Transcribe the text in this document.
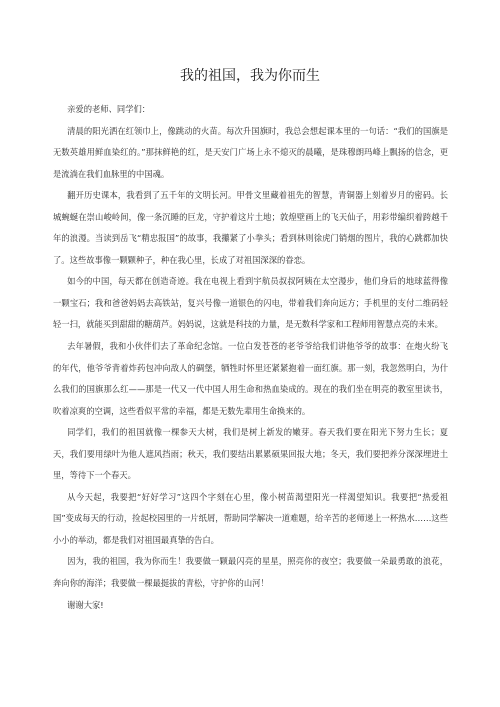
我的祖国，我为你而生

亲爱的老师、同学们：

清晨的阳光洒在红领巾上，像跳动的火苗。每次升国旗时，我总会想起课本里的一句话：“我们的国旗是无数英雄用鲜血染红的。”那抹鲜艳的红，是天安门广场上永不熄灭的晨曦，是珠穆朗玛峰上飘扬的信念，更是流淌在我们血脉里的中国魂。

翻开历史课本，我看到了五千年的文明长河。甲骨文里藏着祖先的智慧，青铜器上刻着岁月的密码。长城蜿蜒在崇山峻岭间，像一条沉睡的巨龙，守护着这片土地；敦煌壁画上的飞天仙子，用彩带编织着跨越千年的浪漫。当读到岳飞“精忠报国”的故事，我攥紧了小拳头；看到林则徐虎门销烟的图片，我的心跳都加快了。这些故事像一颗颗种子，种在我心里，长成了对祖国深深的眷恋。

如今的中国，每天都在创造奇迹。我在电视上看到宇航员叔叔阿姨在太空漫步，他们身后的地球蓝得像一颗宝石；我和爸爸妈妈去高铁站，复兴号像一道银色的闪电，带着我们奔向远方；手机里的支付二维码轻轻一扫，就能买到甜甜的糖葫芦。妈妈说，这就是科技的力量，是无数科学家和工程师用智慧点亮的未来。

去年暑假，我和小伙伴们去了革命纪念馆。一位白发苍苍的老爷爷给我们讲他爷爷的故事：在炮火纷飞的年代，他爷爷背着炸药包冲向敌人的碉堡，牺牲时怀里还紧紧抱着一面红旗。那一刻，我忽然明白，为什么我们的国旗那么红——那是一代又一代中国人用生命和热血染成的。现在的我们坐在明亮的教室里读书，吹着凉爽的空调，这些看似平常的幸福，都是无数先辈用生命换来的。

同学们，我们的祖国就像一棵参天大树，我们是树上新发的嫩芽。春天我们要在阳光下努力生长；夏天，我们要用绿叶为他人遮风挡雨；秋天，我们要结出累累硕果回报大地；冬天，我们要把养分深深埋进土里，等待下一个春天。

从今天起，我要把“好好学习”这四个字刻在心里，像小树苗渴望阳光一样渴望知识。我要把“热爱祖国”变成每天的行动，捡起校园里的一片纸屑，帮助同学解决一道难题，给辛苦的老师递上一杯热水……这些小小的举动，都是我们对祖国最真挚的告白。

因为，我的祖国，我为你而生！我要做一颗最闪亮的星星，照亮你的夜空；我要做一朵最勇敢的浪花，奔向你的海洋；我要做一棵最挺拔的青松，守护你的山河！

谢谢大家!
